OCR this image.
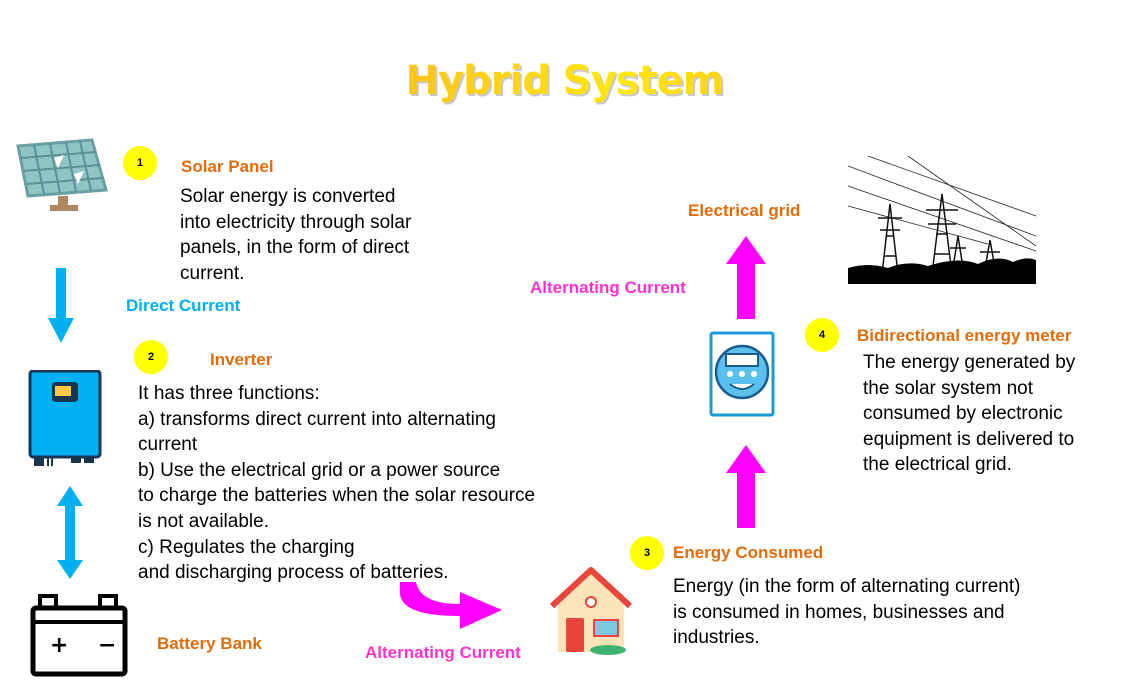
Hybrid System
1	Solar Panel
Solar energy is converted
into electricity through solar
panels, in the form of direct
current.
Direct Current
2	Inverter
It has three functions:
a) transforms direct current into alternating
current
b) Use the electrical grid or a power source
to charge the batteries when the solar resource
is not available.
c) Regulates the charging
and discharging process of batteries.
+ − Battery Bank	Alternating Current
3	Energy Consumed
Energy (in the form of alternating current)
is consumed in homes, businesses and
industries.
4	Bidirectional energy meter
The energy generated by
the solar system not
consumed by electronic
equipment is delivered to
the electrical grid.
Alternating Current
Electrical grid
